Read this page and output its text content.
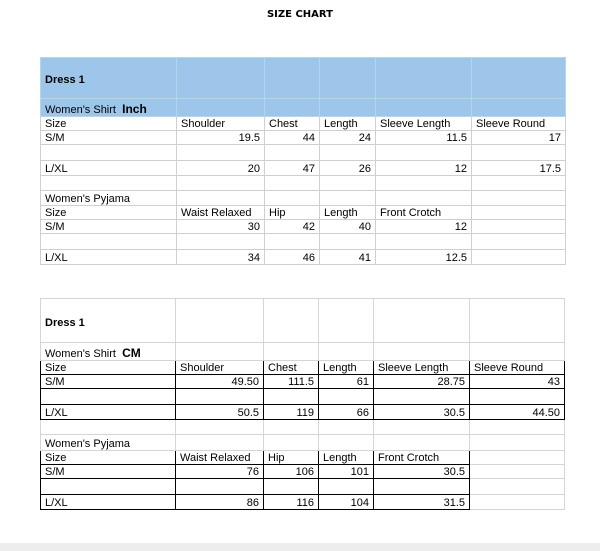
SIZE CHART
Dress 1					
Women's Shirt Inch					
Size	Shoulder	Chest	Length	Sleeve Length	Sleeve Round
S/M	19.5	44	24	11.5	17

L/XL	20	47	26	12	17.5

Women's Pyjama					
Size	Waist Relaxed	Hip	Length	Front Crotch	
S/M	30	42	40	12	

L/XL	34	46	41	12.5	
Dress 1					
Women's Shirt CM					
Size	Shoulder	Chest	Length	Sleeve Length	Sleeve Round
S/M	49.50	111.5	61	28.75	43

L/XL	50.5	119	66	30.5	44.50

Women's Pyjama					
Size	Waist Relaxed	Hip	Length	Front Crotch	
S/M	76	106	101	30.5	

L/XL	86	116	104	31.5	
